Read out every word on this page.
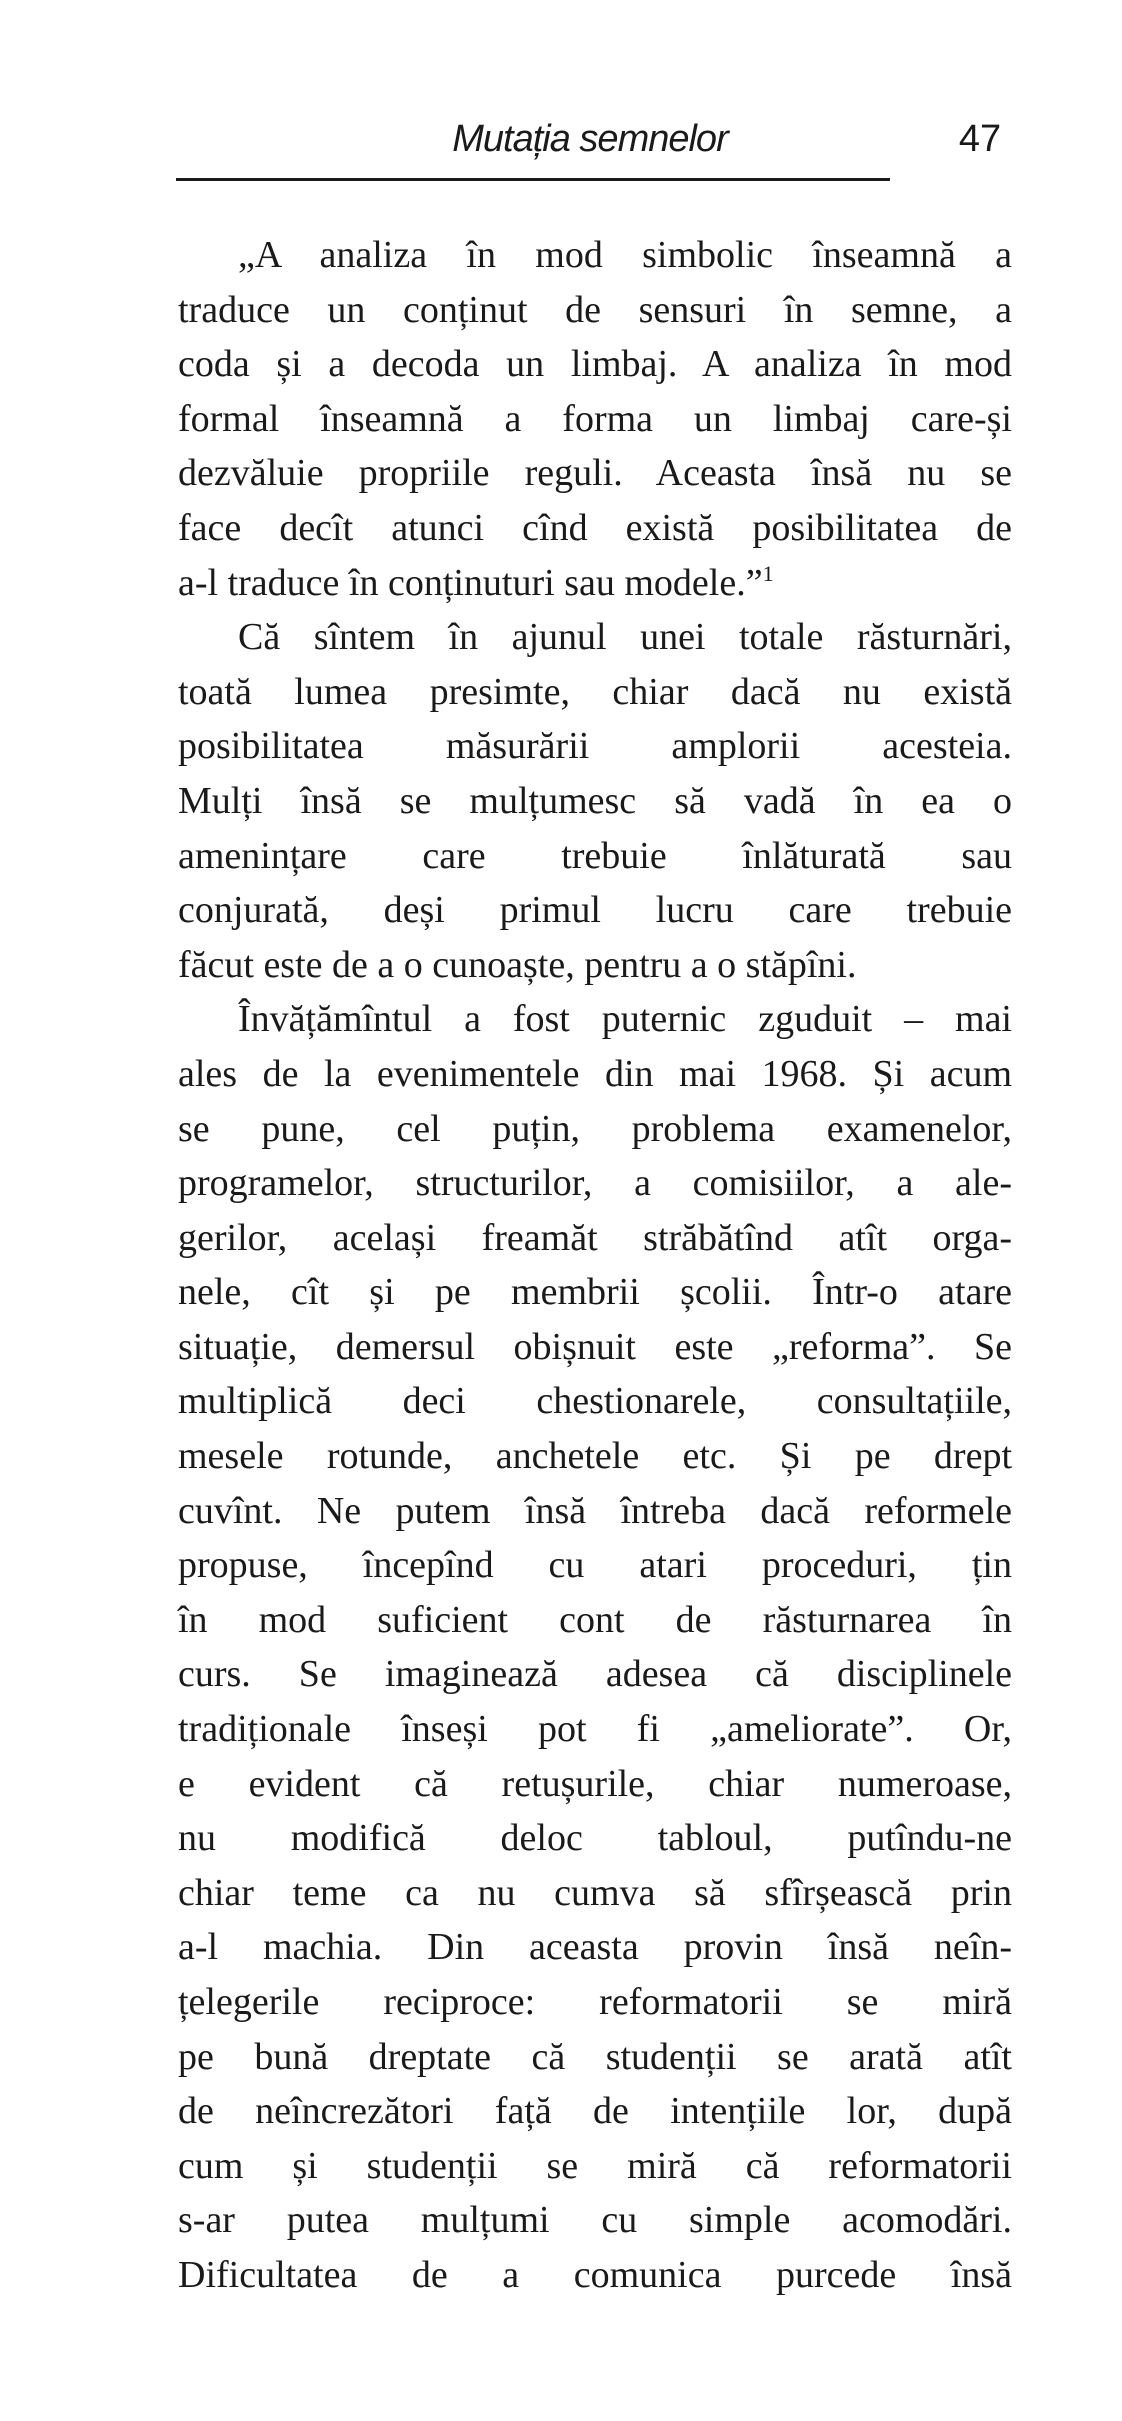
Mutația semnelor	47
„A analiza în mod simbolic înseamnă a
traduce un conținut de sensuri în semne, a
coda și a decoda un limbaj. A analiza în mod
formal înseamnă a forma un limbaj care-și
dezvăluie propriile reguli. Aceasta însă nu se
face decît atunci cînd există posibilitatea de
a-l traduce în conținuturi sau modele.”$^1$
Că sîntem în ajunul unei totale răsturnări,
toată lumea presimte, chiar dacă nu există
posibilitatea măsurării amplorii acesteia.
Mulți însă se mulțumesc să vadă în ea o
amenințare care trebuie înlăturată sau
conjurată, deși primul lucru care trebuie
făcut este de a o cunoaște, pentru a o stăpîni.
Învățămîntul a fost puternic zguduit – mai
ales de la evenimentele din mai 1968. Și acum
se pune, cel puțin, problema examenelor,
programelor, structurilor, a comisiilor, a ale-
gerilor, același freamăt străbătînd atît orga-
nele, cît și pe membrii școlii. Într-o atare
situație, demersul obișnuit este „reforma”. Se
multiplică deci chestionarele, consultațiile,
mesele rotunde, anchetele etc. Și pe drept
cuvînt. Ne putem însă întreba dacă reformele
propuse, începînd cu atari proceduri, țin
în mod suficient cont de răsturnarea în
curs. Se imaginează adesea că disciplinele
tradiționale înseși pot fi „ameliorate”. Or,
e evident că retușurile, chiar numeroase,
nu modifică deloc tabloul, putîndu-ne
chiar teme ca nu cumva să sfîrșească prin
a-l machia. Din aceasta provin însă neîn-
țelegerile reciproce: reformatorii se miră
pe bună dreptate că studenții se arată atît
de neîncrezători față de intențiile lor, după
cum și studenții se miră că reformatorii
s-ar putea mulțumi cu simple acomodări.
Dificultatea de a comunica purcede însă
